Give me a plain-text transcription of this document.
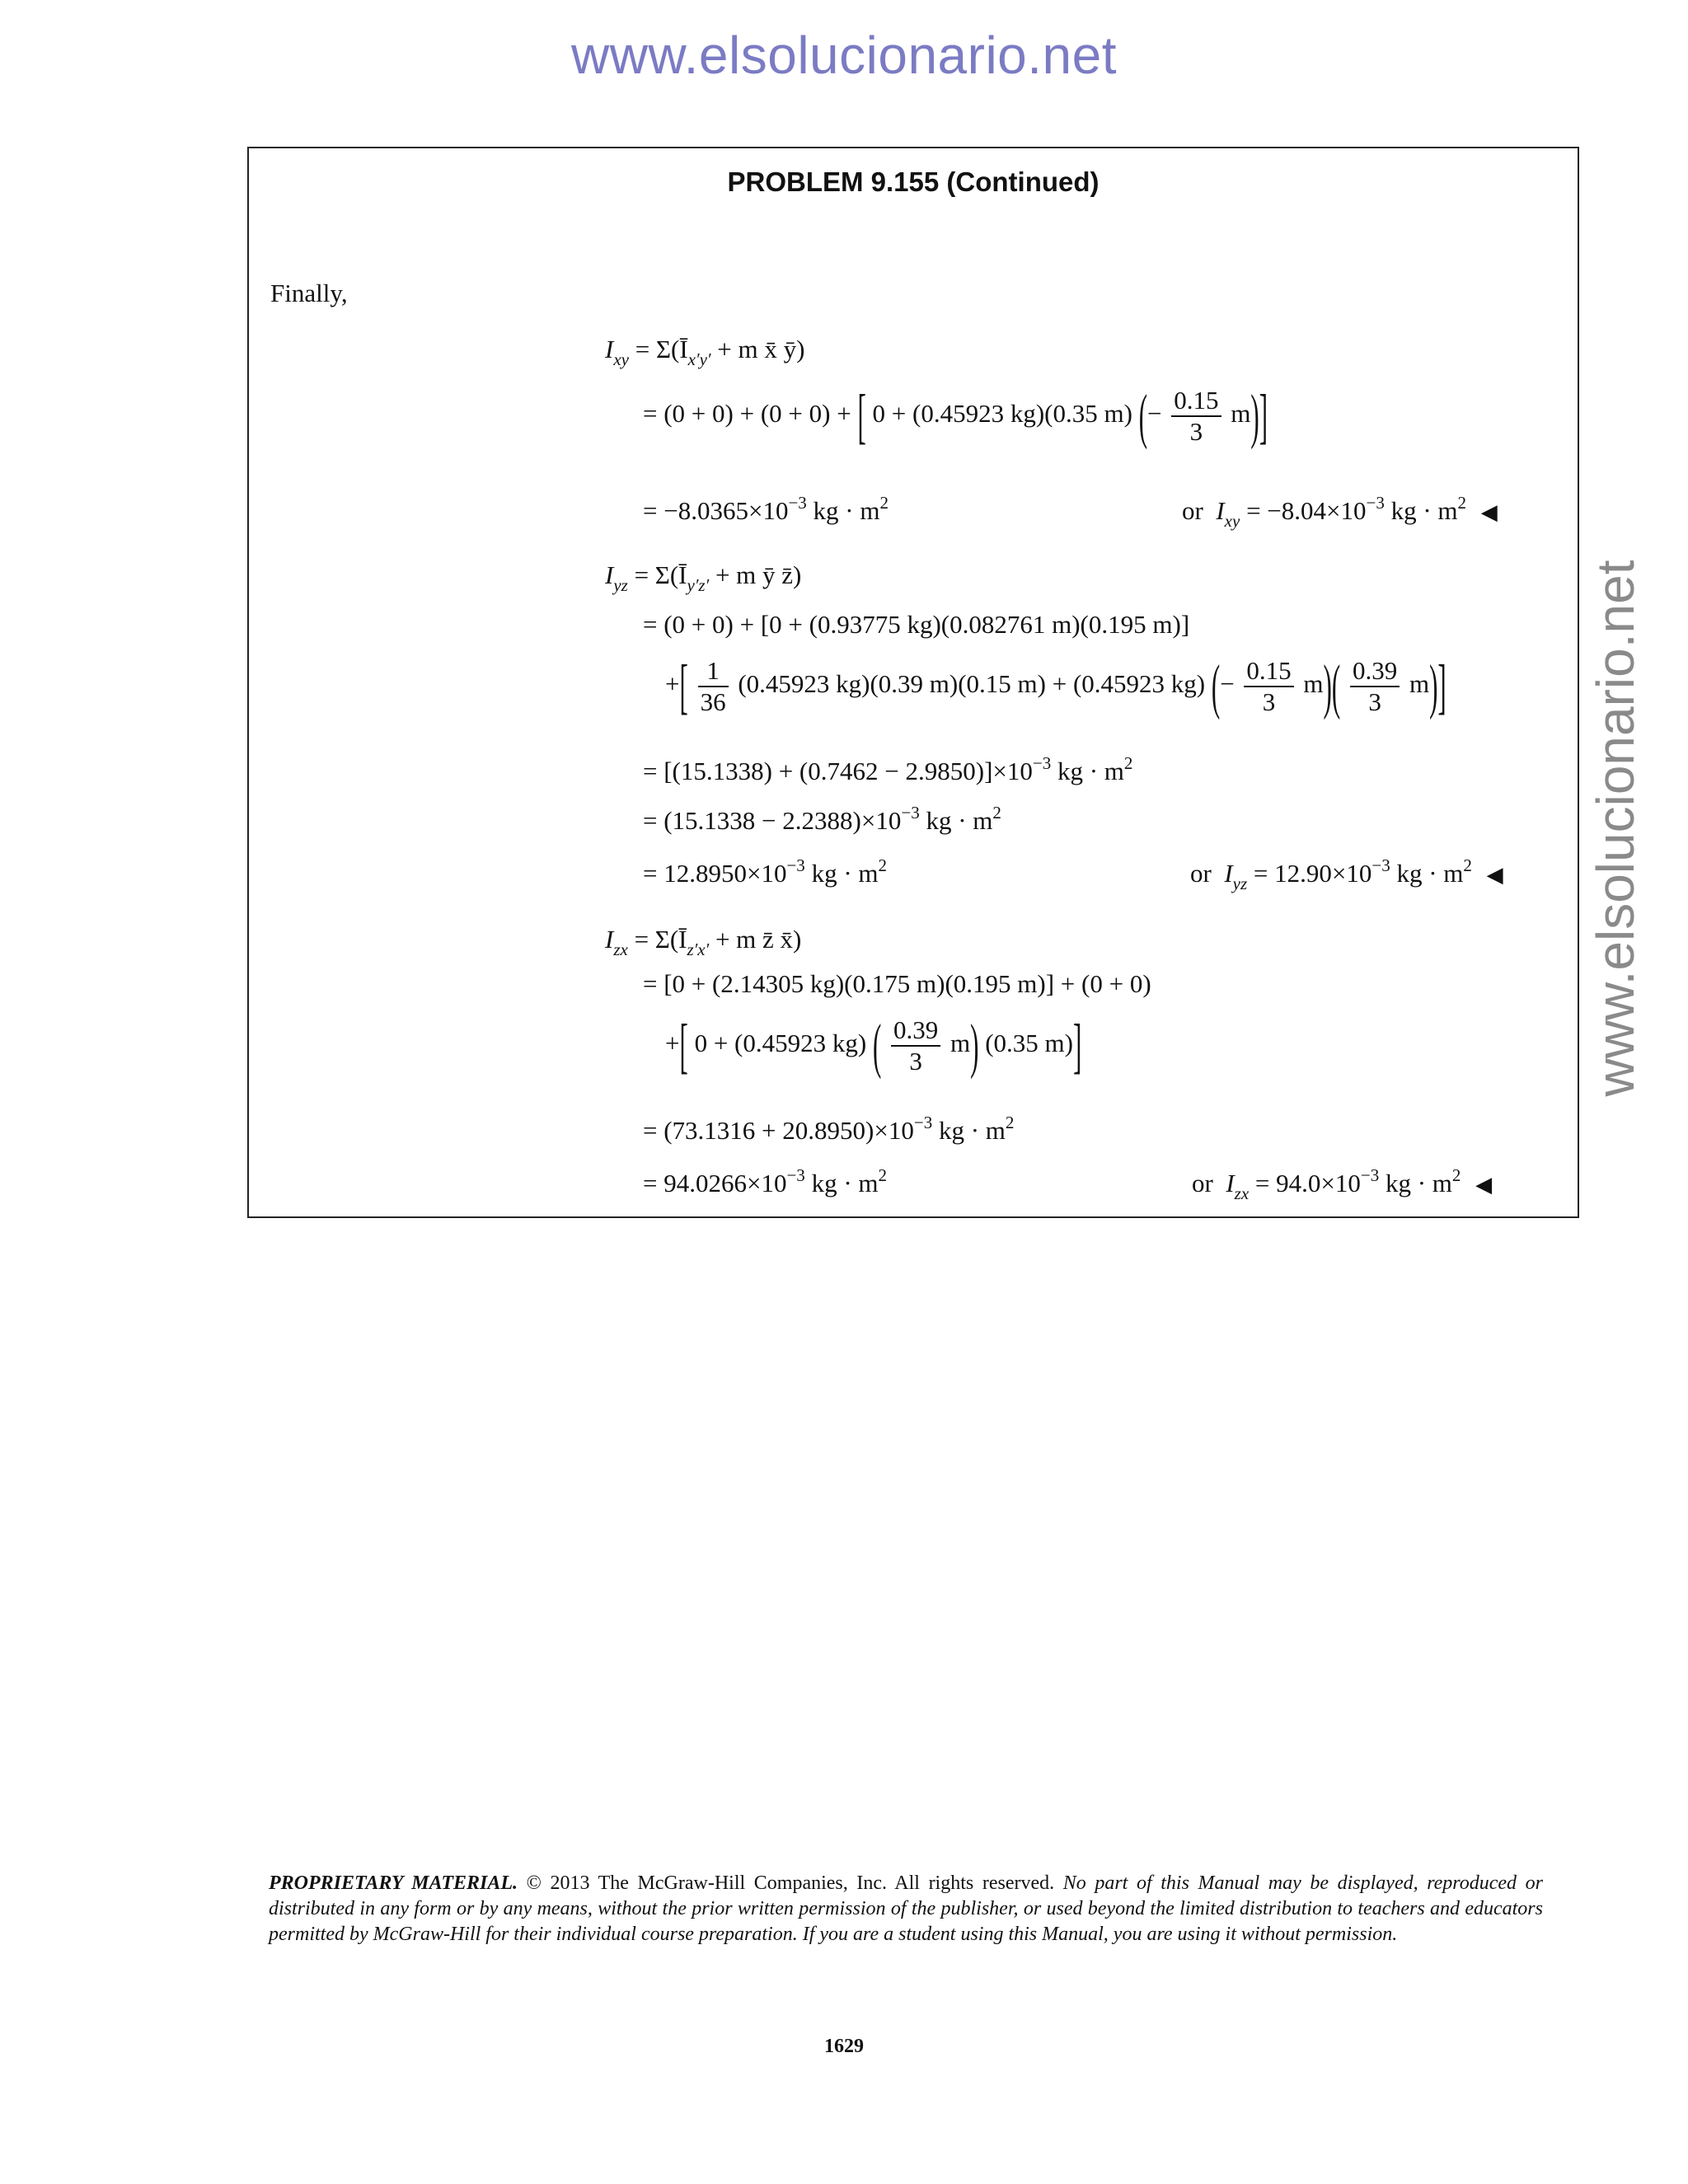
www.elsolucionario.net
www.elsolucionario.net
PROBLEM 9.155 (Continued)
Finally,
$I_{xy}$ = $\Sigma(Ī_{x'y'} + m$ x̄ ȳ)
= (0 + 0) + (0 + 0) + [ 0 + (0.45923 kg)(0.35 m) (− $\frac{0.15}{3} m$)]
= $-8.0365\times 10^{-3}$ kg · $m^2$	or $I_{xy} = -8.04\times 10^{-3}$ kg · $m^2$ ◀
$I_{yz}$ = $\Sigma(Ī_{y'z'} + m$ ȳ z̄)
= (0 + 0) + [0 + (0.93775 kg)(0.082761 m)(0.195 m)]
+[ $\frac{1}{36} (0.45923$ kg)(0.39 m)(0.15 m) + (0.45923 kg) (− $\frac{0.15}{3} m)( \frac{0.39}{3} m)$]
= $[(15.1338) + (0.7462 - 2.9850)]\times 10^{-3}$ kg · $m^2$
= $(15.1338 - 2.2388)\times 10^{-3}$ kg · $m^2$
= $12.8950\times 10^{-3}$ kg · $m^2$	or $I_{yz} = 12.90\times 10^{-3}$ kg · $m^2$ ◀
$I_{zx}$ = $\Sigma(Ī_{z'x'} + m$ z̄ x̄)
= [0 + (2.14305 kg)(0.175 m)(0.195 m)] + (0 + 0)
+[ 0 + (0.45923 kg) ( $\frac{0.39}{3} m$) (0.35 m)]
= $(73.1316 + 20.8950)\times 10^{-3}$ kg · $m^2$
= $94.0266\times 10^{-3}$ kg · $m^2$	or $I_{zx} = 94.0\times 10^{-3}$ kg · $m^2$ ◀
PROPRIETARY MATERIAL. © 2013 The McGraw-Hill Companies, Inc. All rights reserved. No part of this Manual may be displayed, reproduced or distributed in any form or by any means, without the prior written permission of the publisher, or used beyond the limited distribution to teachers and educators permitted by McGraw-Hill for their individual course preparation. If you are a student using this Manual, you are using it without permission.
1629
